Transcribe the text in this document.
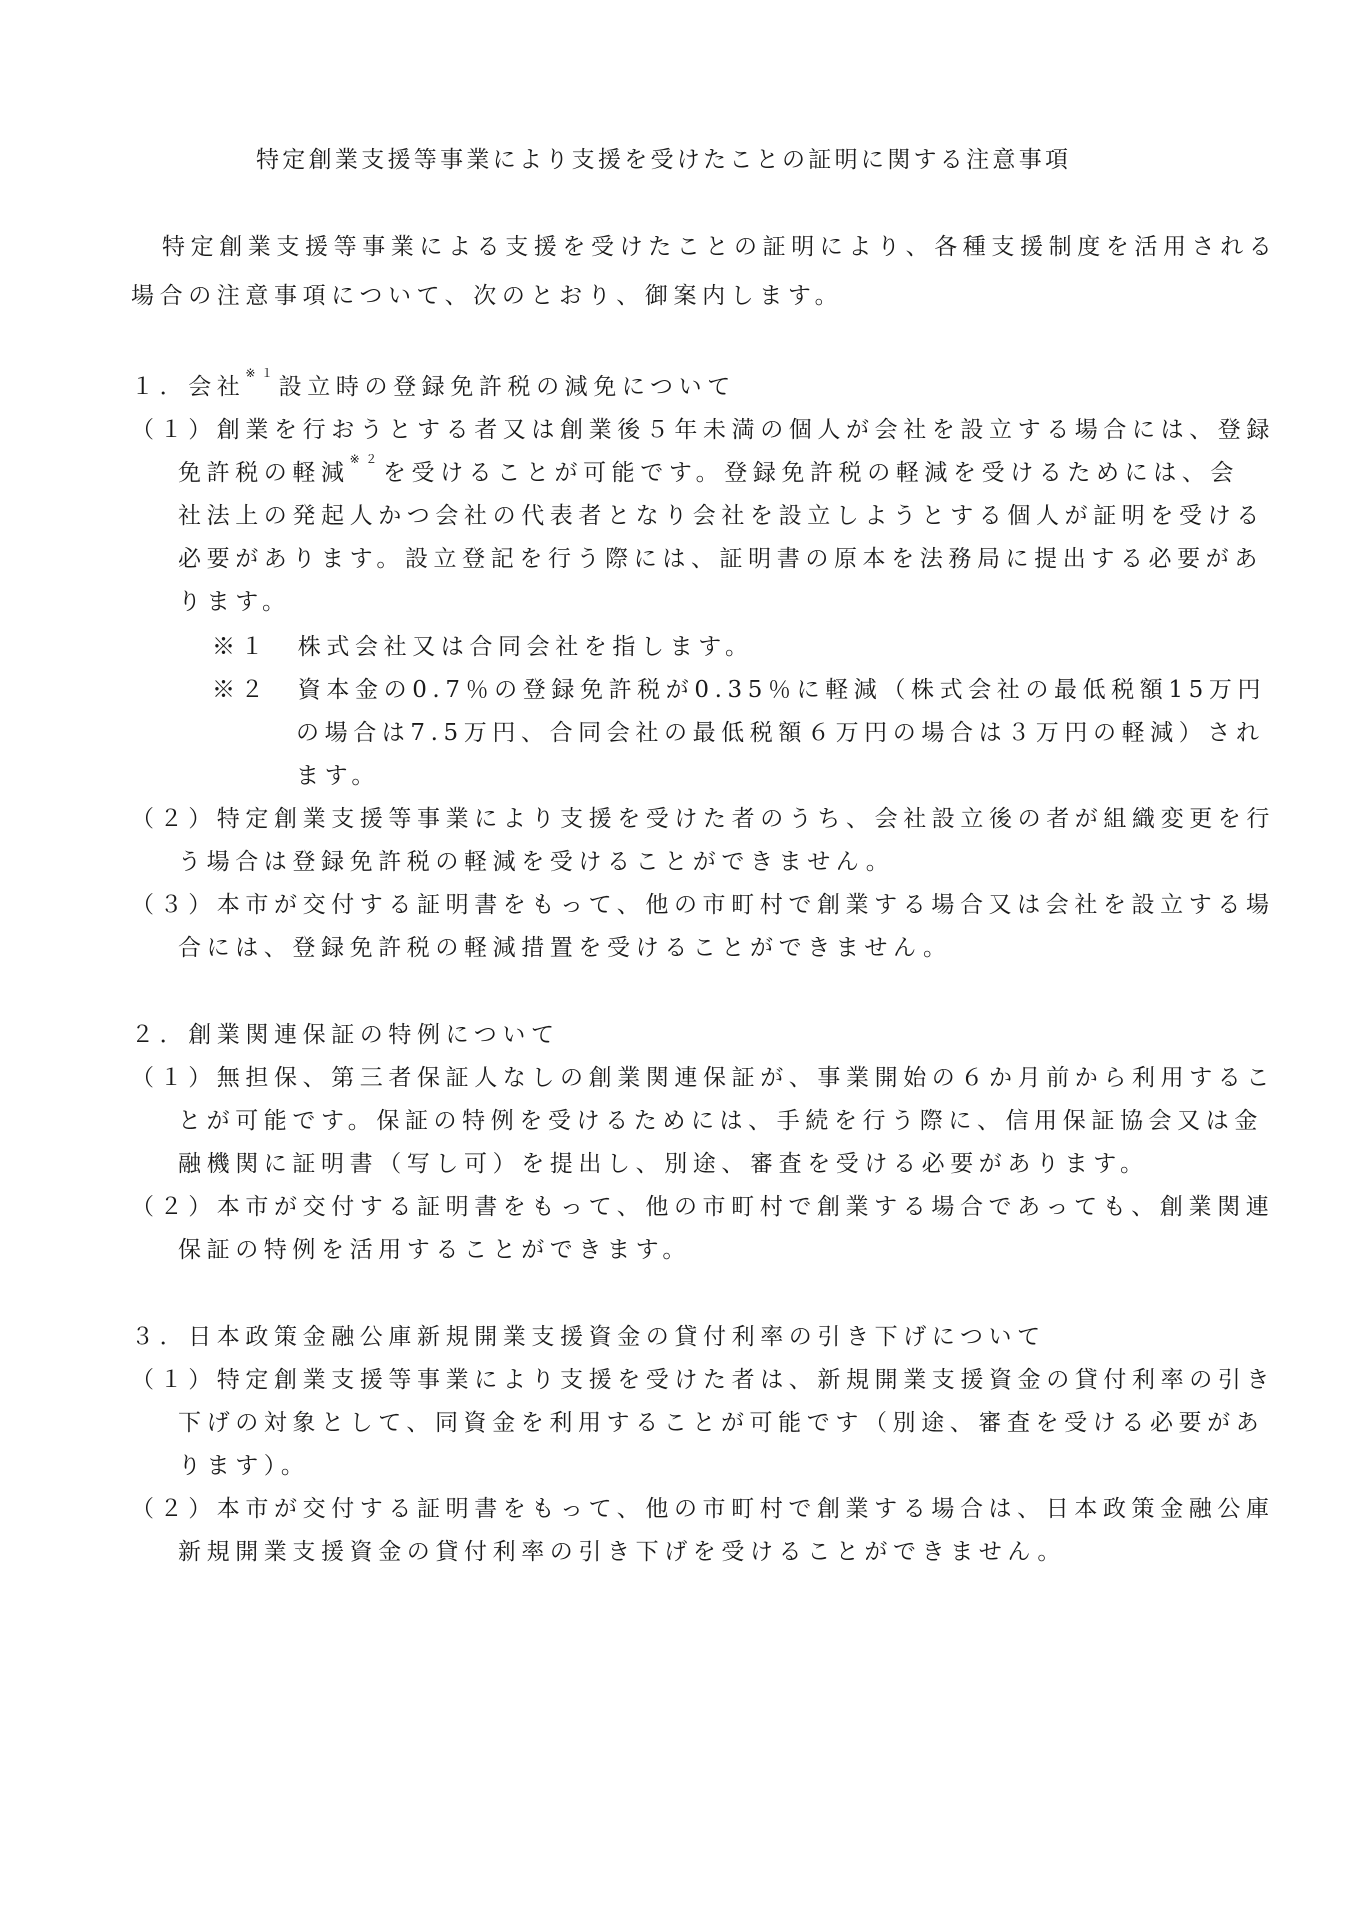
特定創業支援等事業により支援を受けたことの証明に関する注意事項
特定創業支援等事業による支援を受けたことの証明により、各種支援制度を活用される
場合の注意事項について、次のとおり、御案内します。
１．会社$^{※1}$設立時の登録免許税の減免について
（１）創業を行おうとする者又は創業後５年未満の個人が会社を設立する場合には、登録
免許税の軽減$^{※2}$を受けることが可能です。登録免許税の軽減を受けるためには、会
社法上の発起人かつ会社の代表者となり会社を設立しようとする個人が証明を受ける
必要があります。設立登記を行う際には、証明書の原本を法務局に提出する必要があ
ります。
※１　株式会社又は合同会社を指します。
※２　資本金の0.7％の登録免許税が0.35％に軽減（株式会社の最低税額15万円
の場合は7.5万円、合同会社の最低税額６万円の場合は３万円の軽減）され
ます。
（２）特定創業支援等事業により支援を受けた者のうち、会社設立後の者が組織変更を行
う場合は登録免許税の軽減を受けることができません。
（３）本市が交付する証明書をもって、他の市町村で創業する場合又は会社を設立する場
合には、登録免許税の軽減措置を受けることができません。
２．創業関連保証の特例について
（１）無担保、第三者保証人なしの創業関連保証が、事業開始の６か月前から利用するこ
とが可能です。保証の特例を受けるためには、手続を行う際に、信用保証協会又は金
融機関に証明書（写し可）を提出し、別途、審査を受ける必要があります。
（２）本市が交付する証明書をもって、他の市町村で創業する場合であっても、創業関連
保証の特例を活用することができます。
３．日本政策金融公庫新規開業支援資金の貸付利率の引き下げについて
（１）特定創業支援等事業により支援を受けた者は、新規開業支援資金の貸付利率の引き
下げの対象として、同資金を利用することが可能です（別途、審査を受ける必要があ
ります）。
（２）本市が交付する証明書をもって、他の市町村で創業する場合は、日本政策金融公庫
新規開業支援資金の貸付利率の引き下げを受けることができません。
